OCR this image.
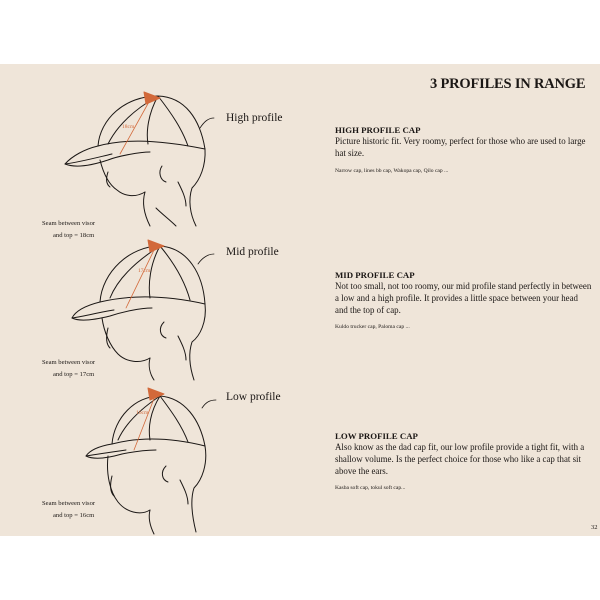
3 PROFILES IN RANGE
18cm
High profile
Seam between visor
and top = 18cm
17cm
Mid profile
Seam between visor
and top = 17cm
16cm
Low profile
Seam between visor
and top = 16cm
HIGH PROFILE CAP
Picture historic fit. Very roomy, perfect for those who are used to large hat size.
Narrow cap, lines bb cap, Wakopa cap, Qilo cap ...
MID PROFILE CAP
Not too small, not too roomy, our mid profile stand perfectly in between a low and a high profile. It provides a little space between your head and the top of cap.
Kuldo trucker cap, Paloma cap ...
LOW PROFILE CAP
Also know as the dad cap fit, our low profile provide a tight fit, with a shallow volume. Is the perfect choice for those who like a cap that sit above the ears.
Kasba soft cap, tokul soft cap...
32
